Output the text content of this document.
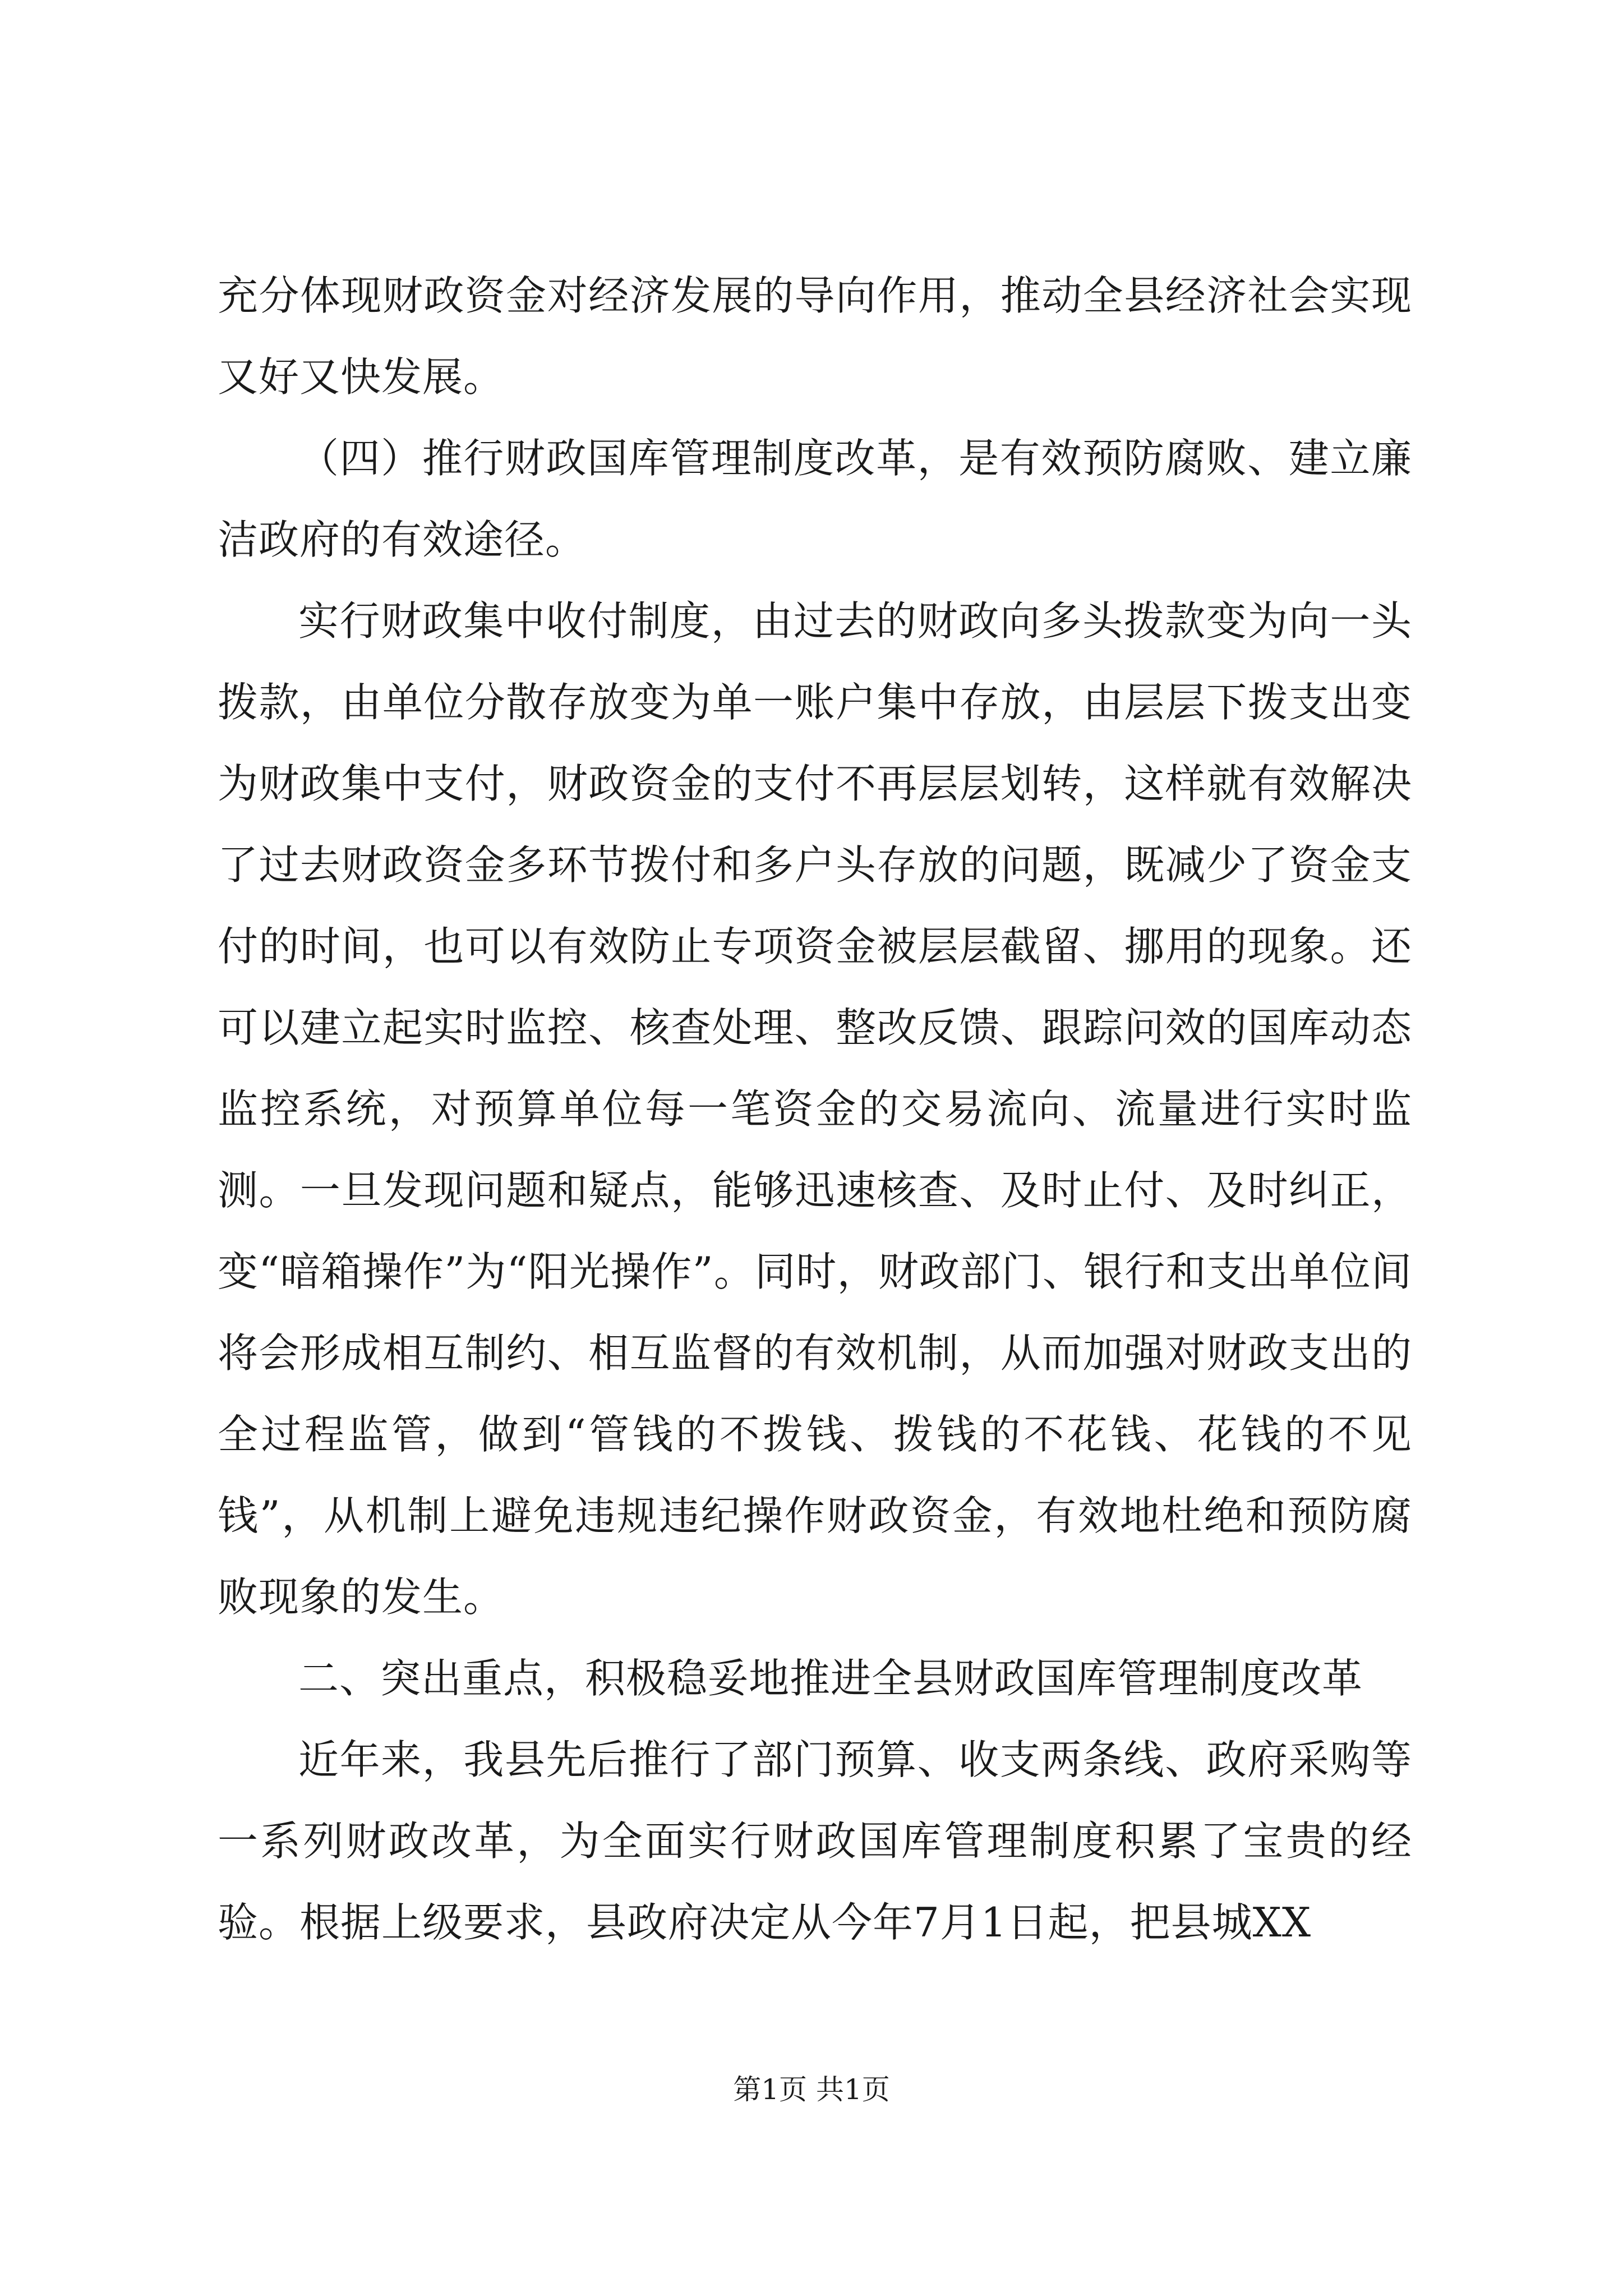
充分体现财政资金对经济发展的导向作用，推动全县经济社会实现又好又快发展。

（四）推行财政国库管理制度改革，是有效预防腐败、建立廉洁政府的有效途径。

实行财政集中收付制度，由过去的财政向多头拨款变为向一头拨款，由单位分散存放变为单一账户集中存放，由层层下拨支出变为财政集中支付，财政资金的支付不再层层划转，这样就有效解决了过去财政资金多环节拨付和多户头存放的问题，既减少了资金支付的时间，也可以有效防止专项资金被层层截留、挪用的现象。还可以建立起实时监控、核查处理、整改反馈、跟踪问效的国库动态监控系统，对预算单位每一笔资金的交易流向、流量进行实时监测。一旦发现问题和疑点，能够迅速核查、及时止付、及时纠正，变“暗箱操作”为“阳光操作”。同时，财政部门、银行和支出单位间将会形成相互制约、相互监督的有效机制，从而加强对财政支出的全过程监管，做到“管钱的不拨钱、拨钱的不花钱、花钱的不见钱”，从机制上避免违规违纪操作财政资金，有效地杜绝和预防腐败现象的发生。

二、突出重点，积极稳妥地推进全县财政国库管理制度改革

近年来，我县先后推行了部门预算、收支两条线、政府采购等一系列财政改革，为全面实行财政国库管理制度积累了宝贵的经验。根据上级要求，县政府决定从今年7月1日起，把县城XX

第1页 共1页
